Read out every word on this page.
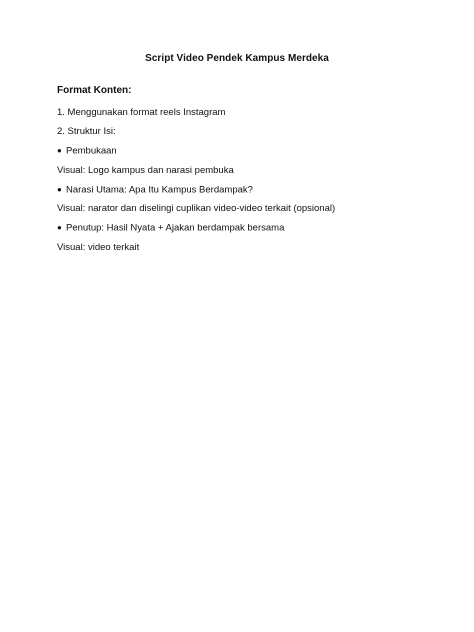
Script Video Pendek Kampus Merdeka
Format Konten:
1. Menggunakan format reels Instagram
2. Struktur Isi:
● Pembukaan
Visual: Logo kampus dan narasi pembuka
● Narasi Utama: Apa Itu Kampus Berdampak?
Visual: narator dan diselingi cuplikan video-video terkait (opsional)
● Penutup: Hasil Nyata + Ajakan berdampak bersama
Visual: video terkait
